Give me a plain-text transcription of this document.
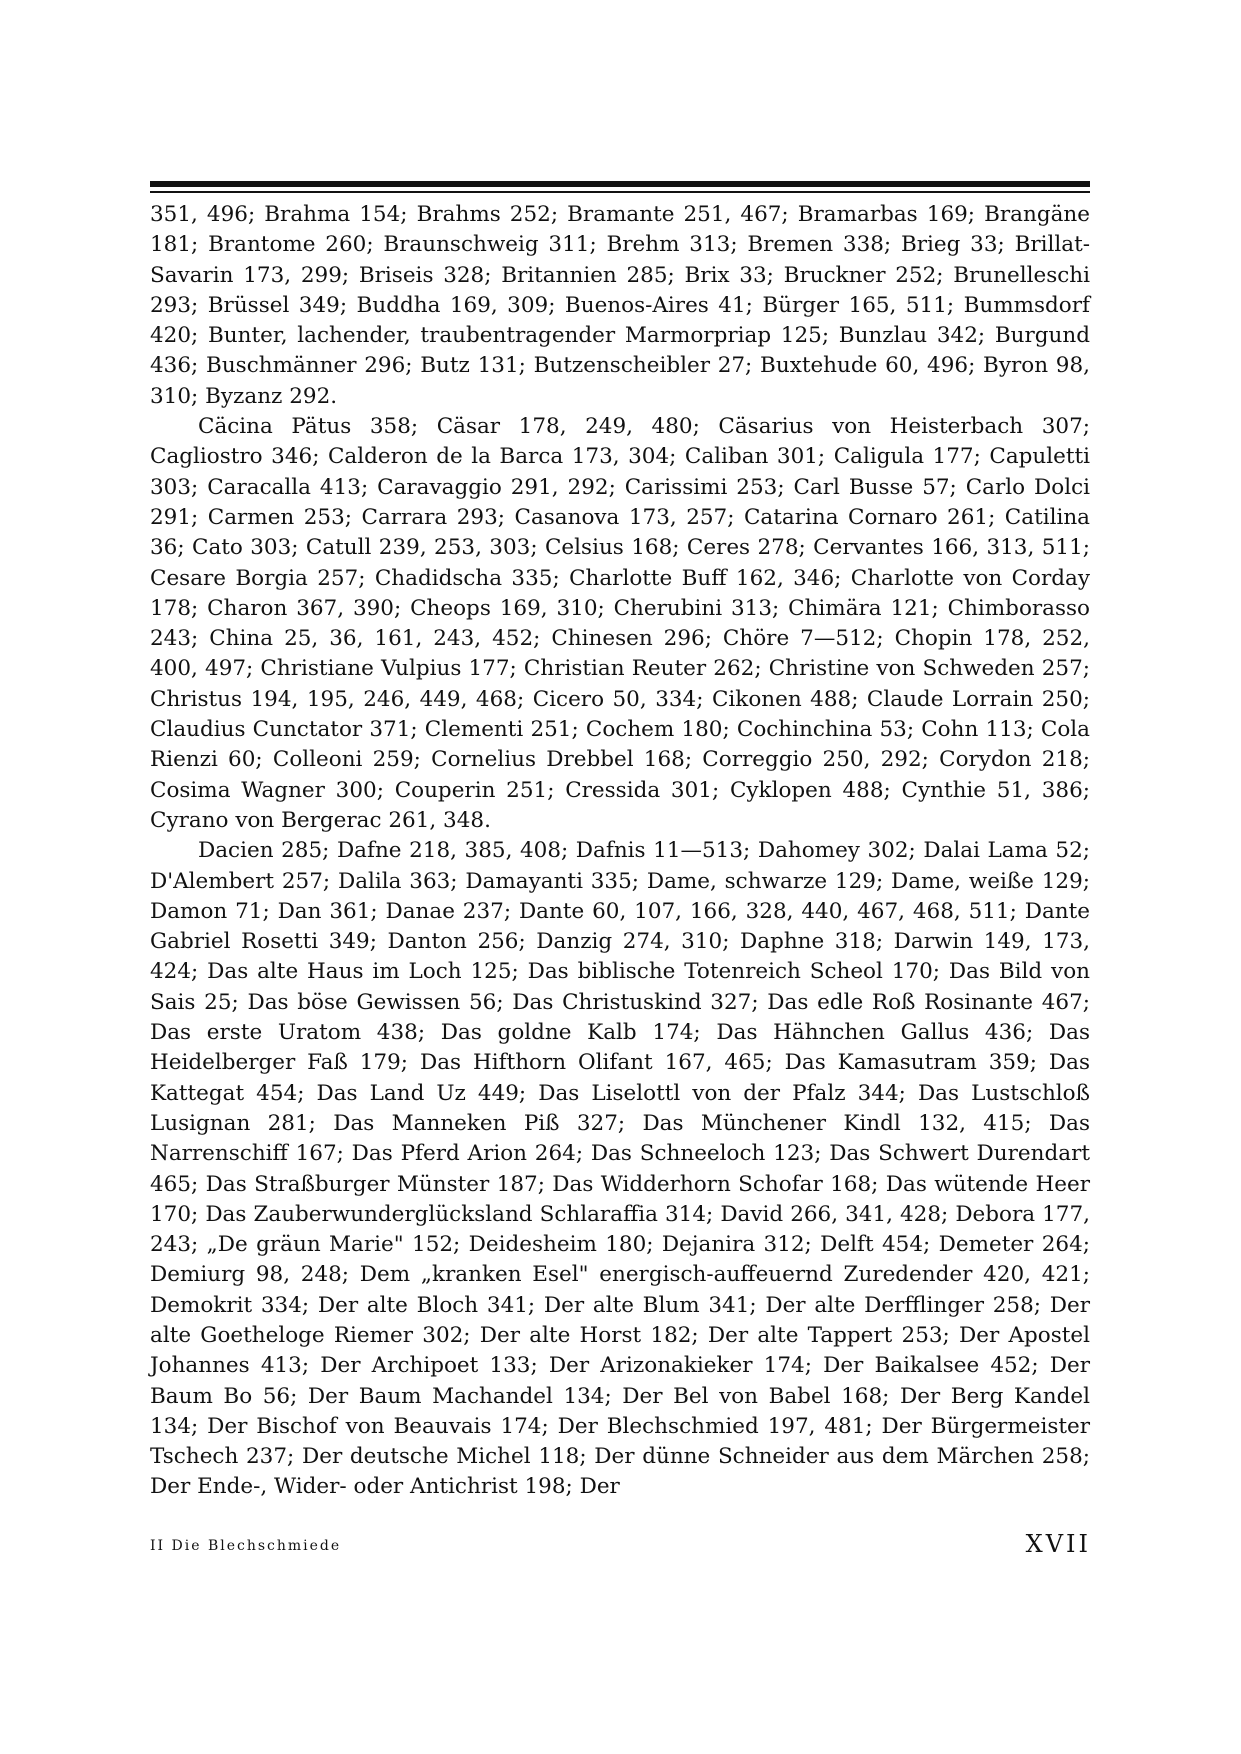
351, 496; Brahma 154; Brahms 252; Bramante 251, 467; Bramarbas 169; Brangäne 181; Brantome 260; Braunschweig 311; Brehm 313; Bremen 338; Brieg 33; Brillat-Savarin 173, 299; Briseis 328; Britannien 285; Brix 33; Bruckner 252; Brunelleschi 293; Brüssel 349; Buddha 169, 309; Buenos-Aires 41; Bürger 165, 511; Bummsdorf 420; Bunter, lachender, traubentragender Marmorpriap 125; Bunzlau 342; Burgund 436; Buschmänner 296; Butz 131; Butzenscheibler 27; Buxtehude 60, 496; Byron 98, 310; Byzanz 292.

Cäcina Pätus 358; Cäsar 178, 249, 480; Cäsarius von Heisterbach 307; Cagliostro 346; Calderon de la Barca 173, 304; Caliban 301; Caligula 177; Capuletti 303; Caracalla 413; Caravaggio 291, 292; Carissimi 253; Carl Busse 57; Carlo Dolci 291; Carmen 253; Carrara 293; Casanova 173, 257; Catarina Cornaro 261; Catilina 36; Cato 303; Catull 239, 253, 303; Celsius 168; Ceres 278; Cervantes 166, 313, 511; Cesare Borgia 257; Chadidscha 335; Charlotte Buff 162, 346; Charlotte von Corday 178; Charon 367, 390; Cheops 169, 310; Cherubini 313; Chimära 121; Chimborasso 243; China 25, 36, 161, 243, 452; Chinesen 296; Chöre 7—512; Chopin 178, 252, 400, 497; Christiane Vulpius 177; Christian Reuter 262; Christine von Schweden 257; Christus 194, 195, 246, 449, 468; Cicero 50, 334; Cikonen 488; Claude Lorrain 250; Claudius Cunctator 371; Clementi 251; Cochem 180; Cochinchina 53; Cohn 113; Cola Rienzi 60; Colleoni 259; Cornelius Drebbel 168; Correggio 250, 292; Corydon 218; Cosima Wagner 300; Couperin 251; Cressida 301; Cyklopen 488; Cynthie 51, 386; Cyrano von Bergerac 261, 348.

Dacien 285; Dafne 218, 385, 408; Dafnis 11—513; Dahomey 302; Dalai Lama 52; D'Alembert 257; Dalila 363; Damayanti 335; Dame, schwarze 129; Dame, weiße 129; Damon 71; Dan 361; Danae 237; Dante 60, 107, 166, 328, 440, 467, 468, 511; Dante Gabriel Rosetti 349; Danton 256; Danzig 274, 310; Daphne 318; Darwin 149, 173, 424; Das alte Haus im Loch 125; Das biblische Totenreich Scheol 170; Das Bild von Sais 25; Das böse Gewissen 56; Das Christuskind 327; Das edle Roß Rosinante 467; Das erste Uratom 438; Das goldne Kalb 174; Das Hähnchen Gallus 436; Das Heidelberger Faß 179; Das Hifthorn Olifant 167, 465; Das Kamasutram 359; Das Kattegat 454; Das Land Uz 449; Das Liselottl von der Pfalz 344; Das Lustschloß Lusignan 281; Das Manneken Piß 327; Das Münchener Kindl 132, 415; Das Narrenschiff 167; Das Pferd Arion 264; Das Schneeloch 123; Das Schwert Durendart 465; Das Straßburger Münster 187; Das Widderhorn Schofar 168; Das wütende Heer 170; Das Zauberwunderglücksland Schlaraffia 314; David 266, 341, 428; Debora 177, 243; „De gräun Marie" 152; Deidesheim 180; Dejanira 312; Delft 454; Demeter 264; Demiurg 98, 248; Dem „kranken Esel" energisch-auffeuernd Zuredender 420, 421; Demokrit 334; Der alte Bloch 341; Der alte Blum 341; Der alte Derfflinger 258; Der alte Goetheloge Riemer 302; Der alte Horst 182; Der alte Tappert 253; Der Apostel Johannes 413; Der Archipoet 133; Der Arizonakieker 174; Der Baikalsee 452; Der Baum Bo 56; Der Baum Machandel 134; Der Bel von Babel 168; Der Berg Kandel 134; Der Bischof von Beauvais 174; Der Blechschmied 197, 481; Der Bürgermeister Tschech 237; Der deutsche Michel 118; Der dünne Schneider aus dem Märchen 258; Der Ende-, Wider- oder Antichrist 198; Der

II Die Blechschmiede	XVII
